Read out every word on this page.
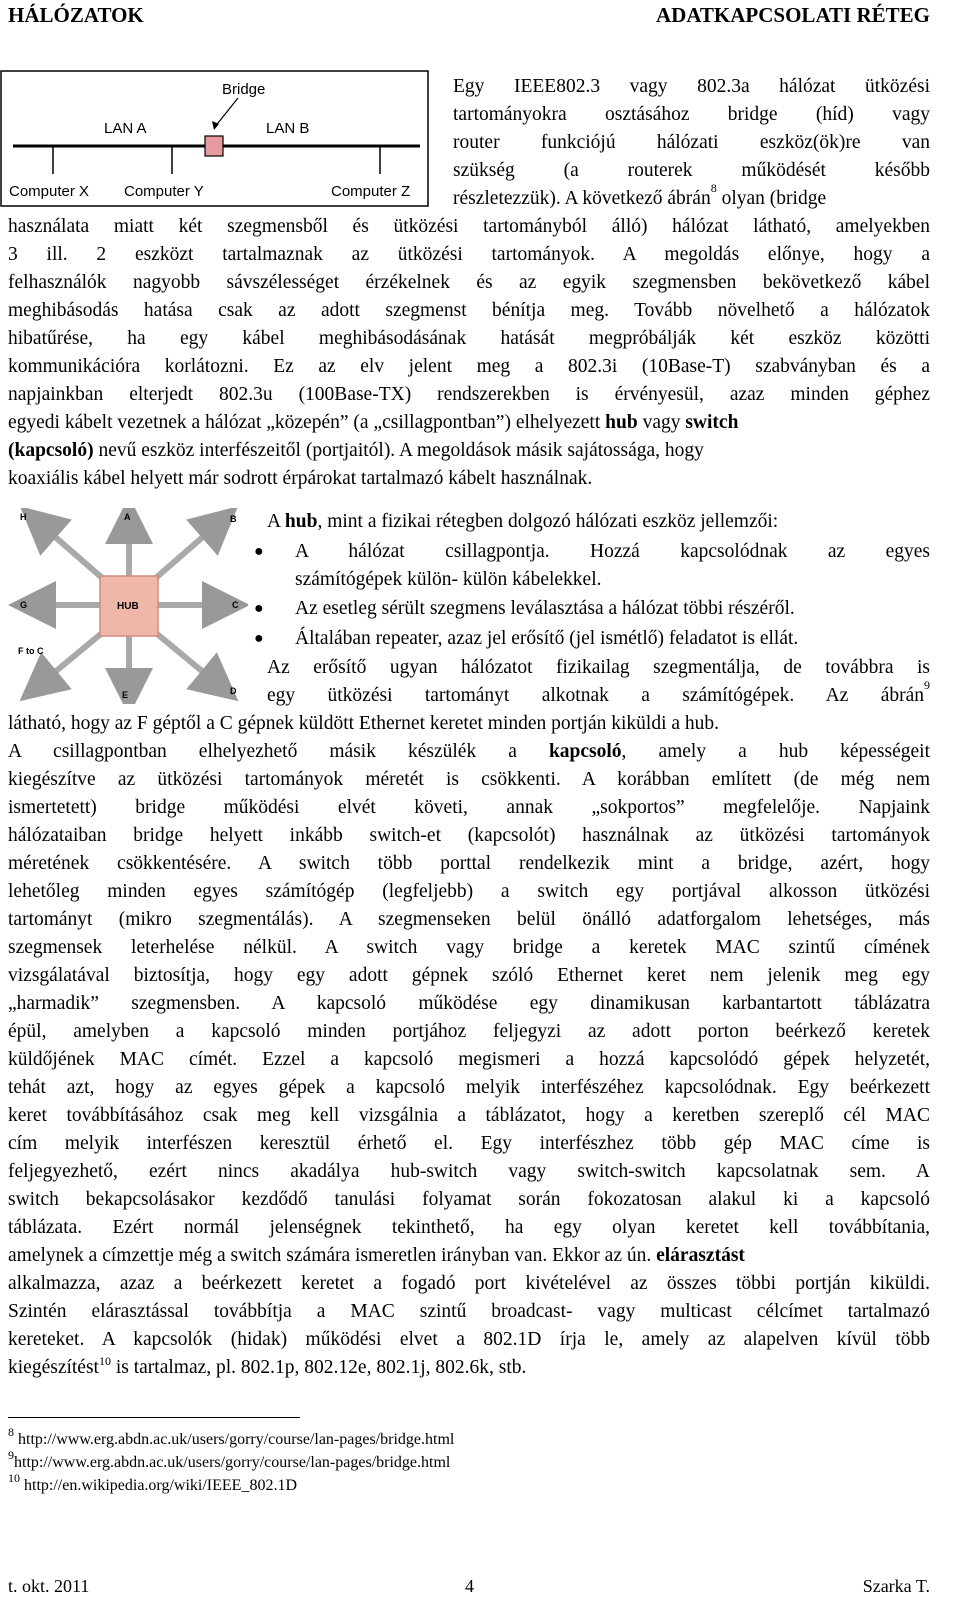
HÁLÓZATOK	ADATKAPCSOLATI RÉTEG
Bridge
LAN A	LAN B
Computer X Computer Y	Computer Z
Egy IEEE802.3 vagy 802.3a hálózat ütközési
tartományokra osztásához bridge (híd) vagy
router funkciójú hálózati eszköz(ök)re van
szükség (a routerek működését később
részletezzük). A következő ábrán 8 olyan (bridge
használata miatt két szegmensből és ütközési tartományból álló) hálózat látható, amelyekben
3 ill. 2 eszközt tartalmaznak az ütközési tartományok. A megoldás előnye, hogy a
felhasználók nagyobb sávszélességet érzékelnek és az egyik szegmensben bekövetkező kábel
meghibásodás hatása csak az adott szegmenst bénítja meg. Tovább növelhető a hálózatok
hibatűrése, ha egy kábel meghibásodásának hatását megpróbálják két eszköz közötti
kommunikációra korlátozni. Ez az elv jelent meg a 802.3i (10Base-T) szabványban és a
napjainkban elterjedt 802.3u (100Base-TX) rendszerekben is érvényesül, azaz minden géphez
egyedi kábelt vezetnek a hálózat „közepén” (a „csillagpontban”) elhelyezett hub vagy switch
(kapcsoló) nevű eszköz interfészeitől (portjaitól). A megoldások másik sajátossága, hogy
koaxiális kábel helyett már sodrott érpárokat tartalmazó kábelt használnak.
HUB
H	A	B
G	C
F to C
E	D
A hub, mint a fizikai rétegben dolgozó hálózati eszköz jellemzői:
● A hálózat csillagpontja. Hozzá kapcsolódnak az egyes
számítógépek külön- külön kábelekkel.
● Az esetleg sérült szegmens leválasztása a hálózat többi részéről.
● Általában repeater, azaz jel erősítő (jel ismétlő) feladatot is ellát.
Az erősítő ugyan hálózatot fizikailag szegmentálja, de továbbra is
egy ütközési tartományt alkotnak a számítógépek. Az ábrán 9
látható, hogy az F géptől a C gépnek küldött Ethernet keretet minden portján kiküldi a hub.
A  csillagpontban  elhelyezhető  másik  készülék  a  kapcsoló,  amely  a  hub  képességeit
kiegészítve az ütközési tartományok méretét is csökkenti. A korábban említett (de még nem
ismertetett) bridge működési elvét követi, annak „sokportos” megfelelője. Napjaink
hálózataiban bridge helyett inkább switch-et (kapcsolót) használnak az ütközési tartományok
méretének csökkentésére. A switch több porttal rendelkezik mint a bridge, azért, hogy
lehetőleg minden egyes számítógép (legfeljebb) a switch egy portjával alkosson ütközési
tartományt (mikro szegmentálás). A szegmenseken belül önálló adatforgalom lehetséges, más
szegmensek leterhelése nélkül. A switch vagy bridge a keretek MAC szintű címének
vizsgálatával biztosítja, hogy egy adott gépnek szóló Ethernet keret nem jelenik meg egy
„harmadik” szegmensben. A kapcsoló működése egy dinamikusan karbantartott táblázatra
épül, amelyben a kapcsoló minden portjához feljegyzi az adott porton beérkező keretek
küldőjének MAC címét. Ezzel a kapcsoló megismeri a hozzá kapcsolódó gépek helyzetét,
tehát azt, hogy az egyes gépek a kapcsoló melyik interfészéhez kapcsolódnak. Egy beérkezett
keret továbbításához csak meg kell vizsgálnia a táblázatot, hogy a keretben szereplő cél MAC
cím melyik interfészen keresztül érhető el. Egy interfészhez több gép MAC címe is
feljegyezhető, ezért nincs akadálya hub-switch vagy switch-switch kapcsolatnak sem. A
switch bekapcsolásakor kezdődő tanulási folyamat során fokozatosan alakul ki a kapcsoló
táblázata. Ezért normál jelenségnek tekinthető, ha egy olyan keretet kell továbbítania,
amelynek a címzettje még a switch számára ismeretlen irányban van. Ekkor az ún. elárasztást
alkalmazza, azaz a beérkezett keretet a fogadó port kivételével az összes többi portján kiküldi.
Szintén elárasztással továbbítja a MAC szintű broadcast- vagy multicast célcímet tartalmazó
kereteket. A kapcsolók (hidak) működési elvet a 802.1D írja le, amely az alapelven kívül több
kiegészítést$^{10}$ is tartalmaz, pl. 802.1p, 802.12e, 802.1j, 802.6k, stb.
$^8$ http://www.erg.abdn.ac.uk/users/gorry/course/lan-pages/bridge.html
$^9$http://www.erg.abdn.ac.uk/users/gorry/course/lan-pages/bridge.html
$^{10}$ http://en.wikipedia.org/wiki/IEEE_802.1D
t. okt. 2011	4	Szarka T.
